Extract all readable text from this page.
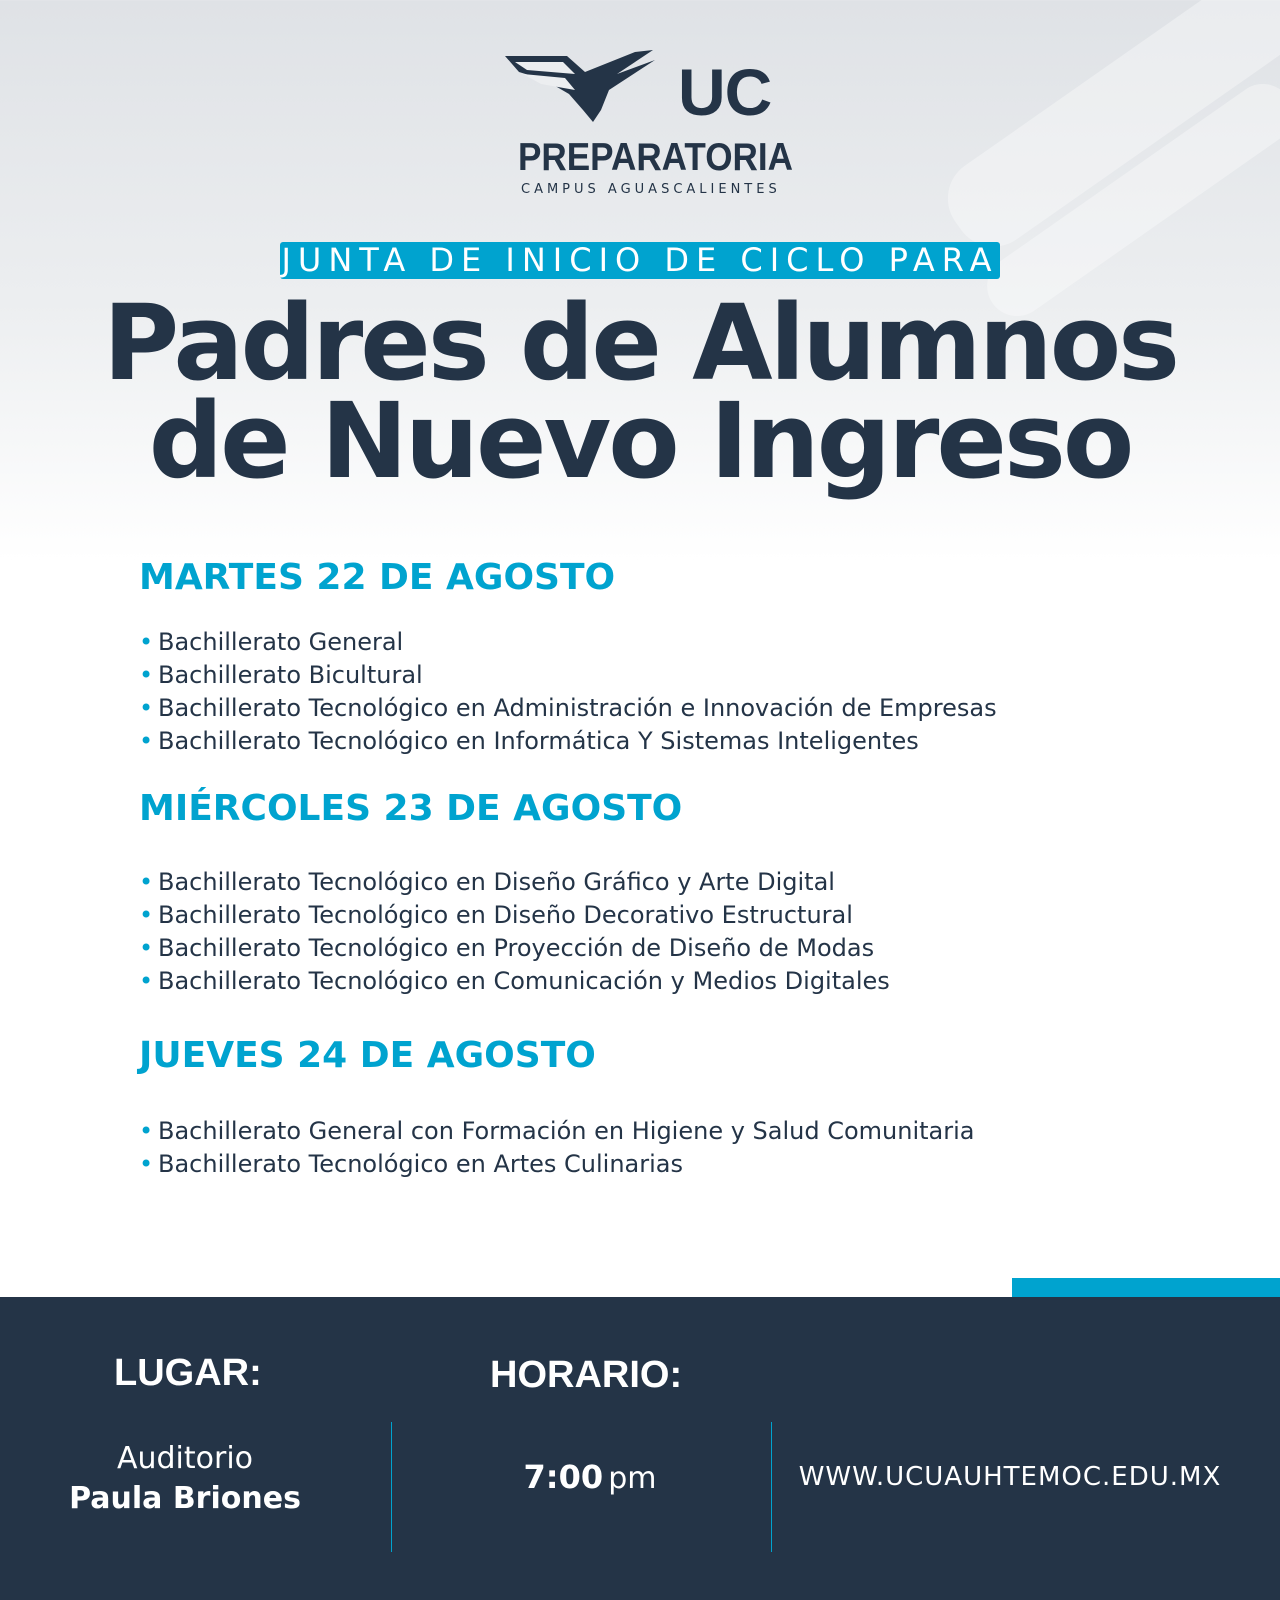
UC
PREPARATORIA
CAMPUS AGUASCALIENTES
JUNTA DE INICIO DE CICLO PARA
Padres de Alumnos
de Nuevo Ingreso
MARTES 22 DE AGOSTO
• Bachillerato General
• Bachillerato Bicultural
• Bachillerato Tecnológico en Administración e Innovación de Empresas
• Bachillerato Tecnológico en Informática Y Sistemas Inteligentes
MIÉRCOLES 23 DE AGOSTO
• Bachillerato Tecnológico en Diseño Gráfico y Arte Digital
• Bachillerato Tecnológico en Diseño Decorativo Estructural
• Bachillerato Tecnológico en Proyección de Diseño de Modas
• Bachillerato Tecnológico en Comunicación y Medios Digitales
JUEVES 24 DE AGOSTO
• Bachillerato General con Formación en Higiene y Salud Comunitaria
• Bachillerato Tecnológico en Artes Culinarias
LUGAR:	HORARIO:
Auditorio
Paula Briones
7:00 pm	WWW.UCUAUHTEMOC.EDU.MX
